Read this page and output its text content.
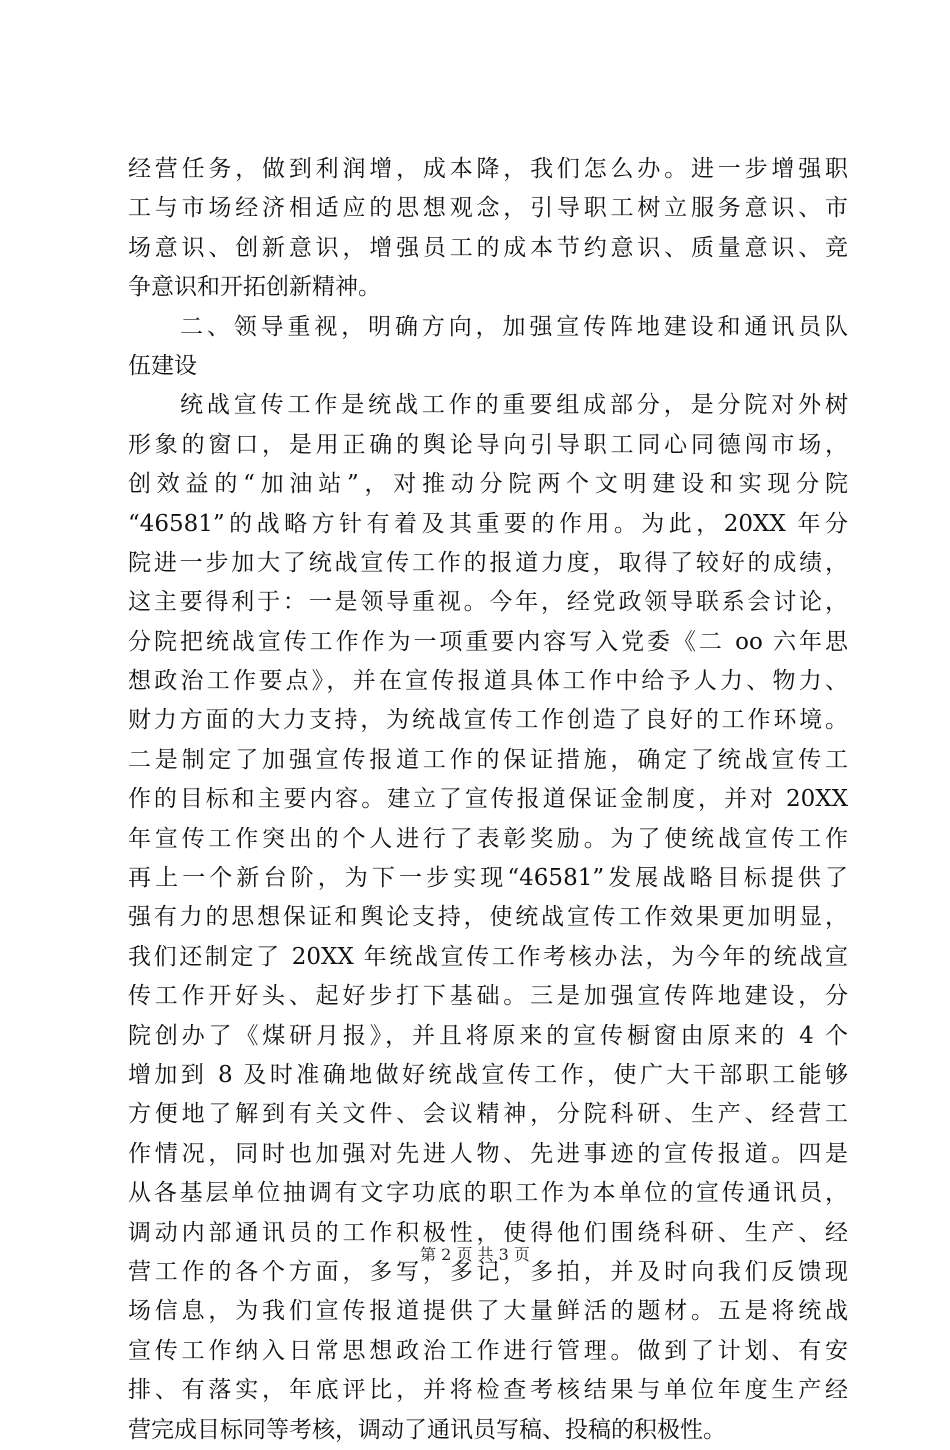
经营任务，做到利润增，成本降，我们怎么办。进一步增强职
工与市场经济相适应的思想观念，引导职工树立服务意识、市
场意识、创新意识，增强员工的成本节约意识、质量意识、竞
争意识和开拓创新精神。
二、领导重视，明确方向，加强宣传阵地建设和通讯员队
伍建设
统战宣传工作是统战工作的重要组成部分，是分院对外树
形象的窗口，是用正确的舆论导向引导职工同心同德闯市场，
创效益的“加油站”，对推动分院两个文明建设和实现分院
“46581”的战略方针有着及其重要的作用。为此，20XX 年分
院进一步加大了统战宣传工作的报道力度，取得了较好的成绩，
这主要得利于：一是领导重视。今年，经党政领导联系会讨论，
分院把统战宣传工作作为一项重要内容写入党委《二 oo 六年思
想政治工作要点》，并在宣传报道具体工作中给予人力、物力、
财力方面的大力支持，为统战宣传工作创造了良好的工作环境。
二是制定了加强宣传报道工作的保证措施，确定了统战宣传工
作的目标和主要内容。建立了宣传报道保证金制度，并对 20XX
年宣传工作突出的个人进行了表彰奖励。为了使统战宣传工作
再上一个新台阶，为下一步实现“46581”发展战略目标提供了
强有力的思想保证和舆论支持，使统战宣传工作效果更加明显，
我们还制定了 20XX 年统战宣传工作考核办法，为今年的统战宣
传工作开好头、起好步打下基础。三是加强宣传阵地建设，分
院创办了《煤研月报》，并且将原来的宣传橱窗由原来的 4 个
增加到 8 及时准确地做好统战宣传工作，使广大干部职工能够
方便地了解到有关文件、会议精神，分院科研、生产、经营工
作情况，同时也加强对先进人物、先进事迹的宣传报道。四是
从各基层单位抽调有文字功底的职工作为本单位的宣传通讯员，
调动内部通讯员的工作积极性，使得他们围绕科研、生产、经
营工作的各个方面，多写，多记，多拍，并及时向我们反馈现
场信息，为我们宣传报道提供了大量鲜活的题材。五是将统战
宣传工作纳入日常思想政治工作进行管理。做到了计划、有安
排、有落实，年底评比，并将检查考核结果与单位年度生产经
营完成目标同等考核，调动了通讯员写稿、投稿的积极性。
第 2 页 共 3 页
